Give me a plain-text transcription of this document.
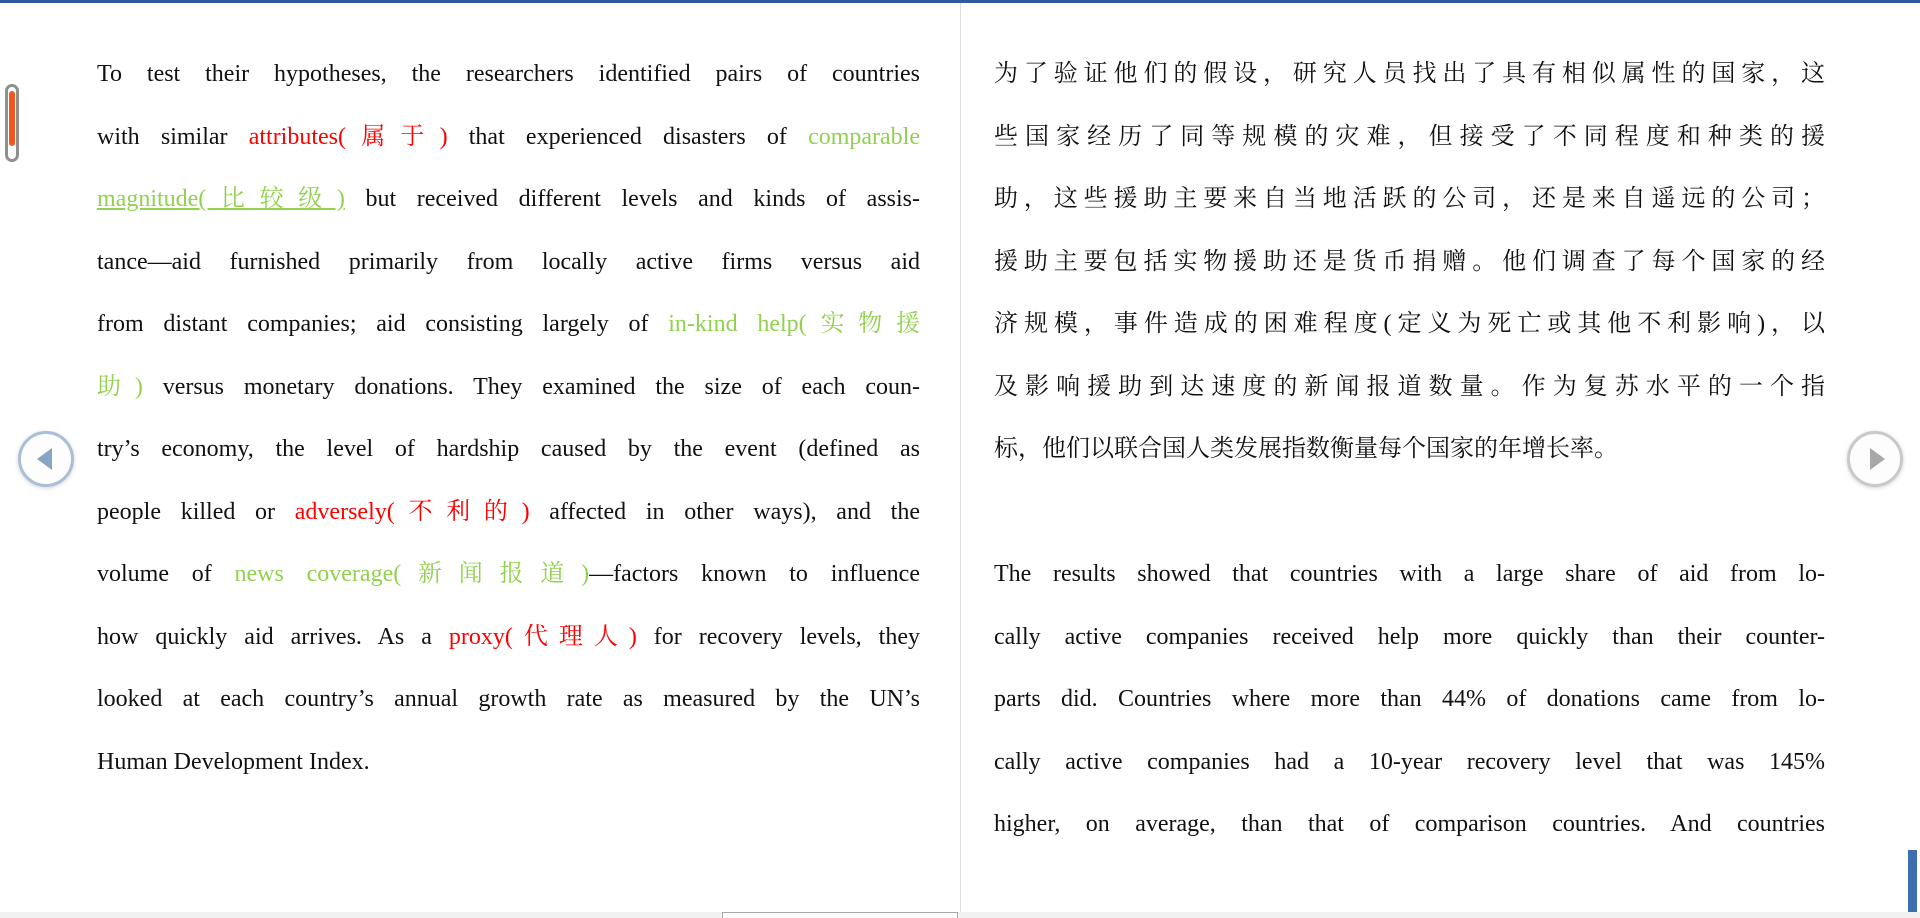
To test their hypotheses, the researchers identified pairs of countries
with similar attributes(属于) that experienced disasters of comparable
magnitude(比较级) but received different levels and kinds of assis-
tance—aid furnished primarily from locally active firms versus aid
from distant companies; aid consisting largely of in-kind help(实物援
助) versus monetary donations. They examined the size of each coun-
try’s economy, the level of hardship caused by the event (defined as
people killed or adversely(不利的) affected in other ways), and the
volume of news coverage(新闻报道)—factors known to influence
how quickly aid arrives. As a proxy(代理人) for recovery levels, they
looked at each country’s annual growth rate as measured by the UN’s
Human Development Index.
为了验证他们的假设，研究人员找出了具有相似属性的国家，这
些国家经历了同等规模的灾难，但接受了不同程度和种类的援
助，这些援助主要来自当地活跃的公司，还是来自遥远的公司；
援助主要包括实物援助还是货币捐赠。他们调查了每个国家的经
济规模，事件造成的困难程度(定义为死亡或其他不利影响)，以
及影响援助到达速度的新闻报道数量。作为复苏水平的一个指
标，他们以联合国人类发展指数衡量每个国家的年增长率。
The results showed that countries with a large share of aid from lo-
cally active companies received help more quickly than their counter-
parts did. Countries where more than 44% of donations came from lo-
cally active companies had a 10-year recovery level that was 145%
higher, on average, than that of comparison countries. And countries
